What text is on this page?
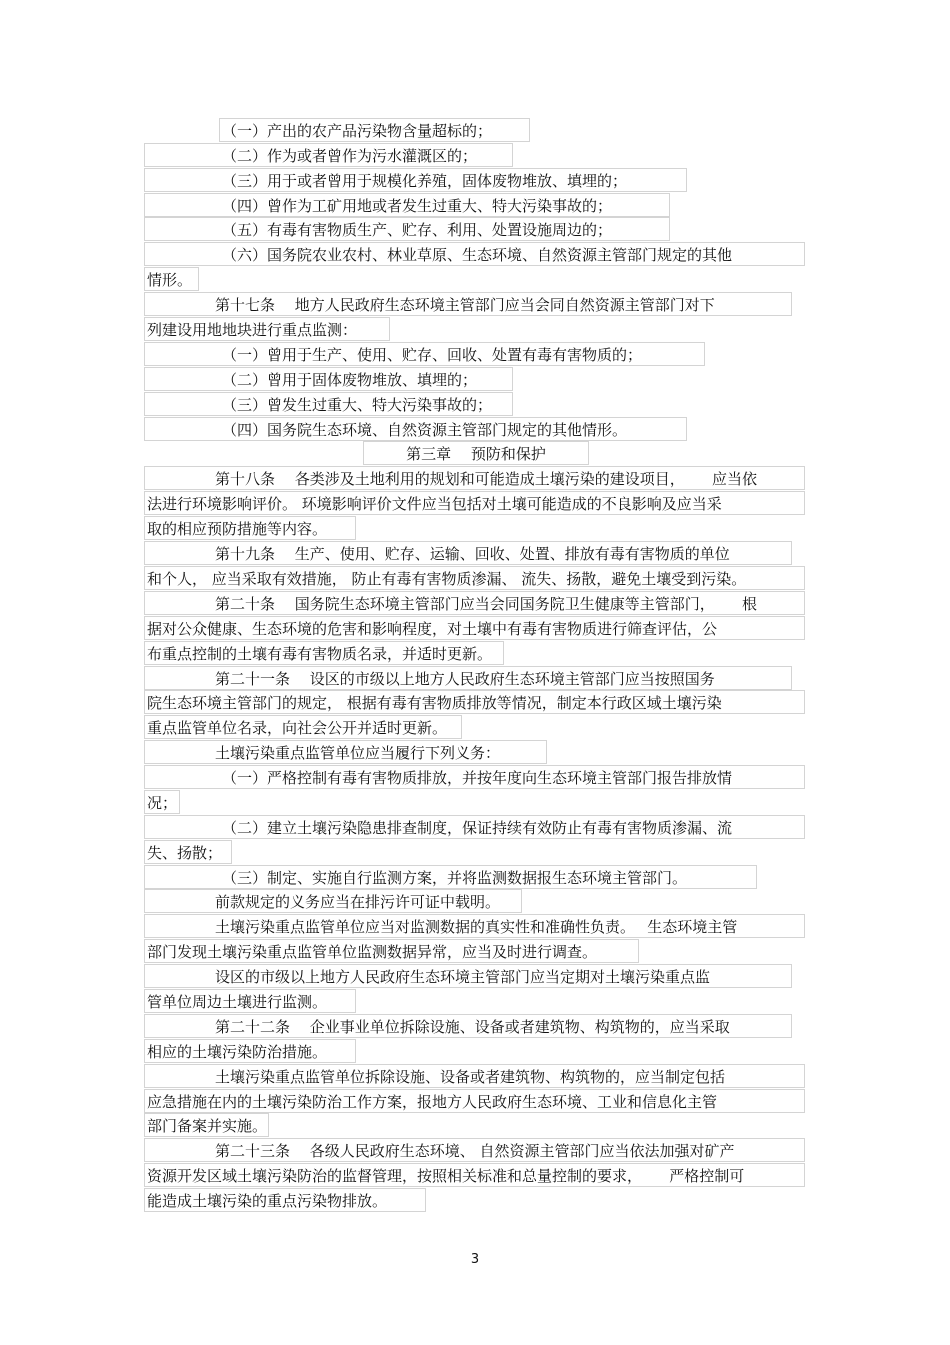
（一）产出的农产品污染物含量超标的；
（二）作为或者曾作为污水灌溉区的；
（三）用于或者曾用于规模化养殖，固体废物堆放、填埋的；
（四）曾作为工矿用地或者发生过重大、特大污染事故的；
（五）有毒有害物质生产、贮存、利用、处置设施周边的；
（六）国务院农业农村、林业草原、生态环境、自然资源主管部门规定的其他
情形。
第十七条　 地方人民政府生态环境主管部门应当会同自然资源主管部门对下
列建设用地地块进行重点监测：
（一）曾用于生产、使用、贮存、回收、处置有毒有害物质的；
（二）曾用于固体废物堆放、填埋的；
（三）曾发生过重大、特大污染事故的；
（四）国务院生态环境、自然资源主管部门规定的其他情形。
第三章　 预防和保护
第十八条　 各类涉及土地利用的规划和可能造成土壤污染的建设项目，　　 应当依
法进行环境影响评价。 环境影响评价文件应当包括对土壤可能造成的不良影响及应当采
取的相应预防措施等内容。
第十九条　 生产、使用、贮存、运输、回收、处置、排放有毒有害物质的单位
和个人， 应当采取有效措施， 防止有毒有害物质渗漏、 流失、扬散，避免土壤受到污染。
第二十条　 国务院生态环境主管部门应当会同国务院卫生健康等主管部门，　　 根
据对公众健康、生态环境的危害和影响程度，对土壤中有毒有害物质进行筛查评估，公
布重点控制的土壤有毒有害物质名录，并适时更新。
第二十一条　 设区的市级以上地方人民政府生态环境主管部门应当按照国务
院生态环境主管部门的规定， 根据有毒有害物质排放等情况，制定本行政区域土壤污染
重点监管单位名录，向社会公开并适时更新。
土壤污染重点监管单位应当履行下列义务：
（一）严格控制有毒有害物质排放，并按年度向生态环境主管部门报告排放情
况；
（二）建立土壤污染隐患排查制度，保证持续有效防止有毒有害物质渗漏、流
失、扬散；
（三）制定、实施自行监测方案，并将监测数据报生态环境主管部门。
前款规定的义务应当在排污许可证中载明。
土壤污染重点监管单位应当对监测数据的真实性和准确性负责。　 生态环境主管
部门发现土壤污染重点监管单位监测数据异常，应当及时进行调查。
设区的市级以上地方人民政府生态环境主管部门应当定期对土壤污染重点监
管单位周边土壤进行监测。
第二十二条　 企业事业单位拆除设施、设备或者建筑物、构筑物的，应当采取
相应的土壤污染防治措施。
土壤污染重点监管单位拆除设施、设备或者建筑物、构筑物的，应当制定包括
应急措施在内的土壤污染防治工作方案，报地方人民政府生态环境、工业和信息化主管
部门备案并实施。
第二十三条　 各级人民政府生态环境、 自然资源主管部门应当依法加强对矿产
资源开发区域土壤污染防治的监督管理，按照相关标准和总量控制的要求，　　 严格控制可
能造成土壤污染的重点污染物排放。
3
